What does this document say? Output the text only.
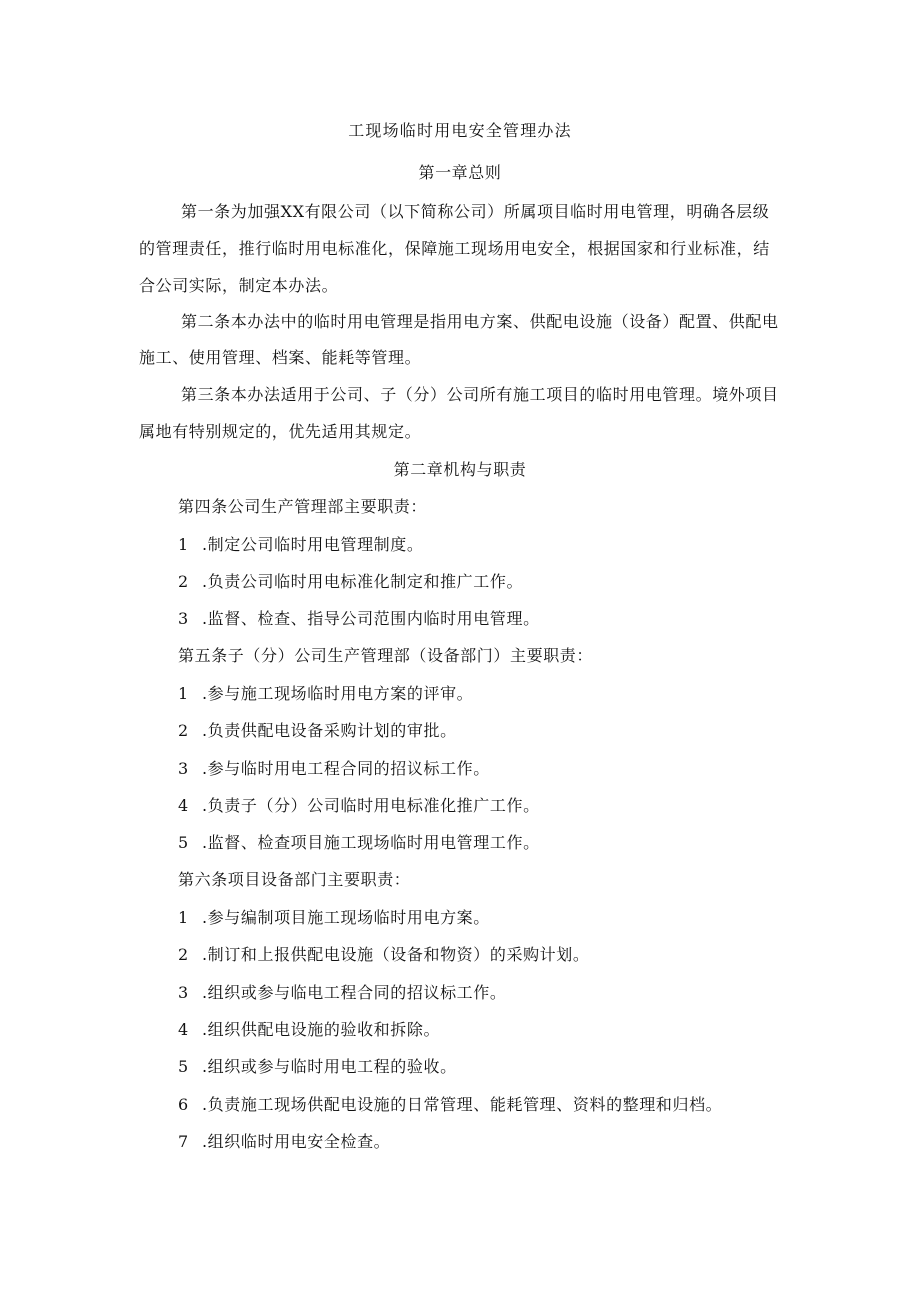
工现场临时用电安全管理办法
第一章总则
第一条为加强XX有限公司（以下简称公司）所属项目临时用电管理，明确各层级
的管理责任，推行临时用电标准化，保障施工现场用电安全，根据国家和行业标准，结
合公司实际，制定本办法。
第二条本办法中的临时用电管理是指用电方案、供配电设施（设备）配置、供配电
施工、使用管理、档案、能耗等管理。
第三条本办法适用于公司、子（分）公司所有施工项目的临时用电管理。境外项目
属地有特别规定的，优先适用其规定。
第二章机构与职责
第四条公司生产管理部主要职责：
1 .制定公司临时用电管理制度。
2 .负责公司临时用电标准化制定和推广工作。
3 .监督、检查、指导公司范围内临时用电管理。
第五条子（分）公司生产管理部（设备部门）主要职责：
1 .参与施工现场临时用电方案的评审。
2 .负责供配电设备采购计划的审批。
3 .参与临时用电工程合同的招议标工作。
4 .负责子（分）公司临时用电标准化推广工作。
5 .监督、检查项目施工现场临时用电管理工作。
第六条项目设备部门主要职责：
1 .参与编制项目施工现场临时用电方案。
2 .制订和上报供配电设施（设备和物资）的采购计划。
3 .组织或参与临电工程合同的招议标工作。
4 .组织供配电设施的验收和拆除。
5 .组织或参与临时用电工程的验收。
6 .负责施工现场供配电设施的日常管理、能耗管理、资料的整理和归档。
7 .组织临时用电安全检查。
